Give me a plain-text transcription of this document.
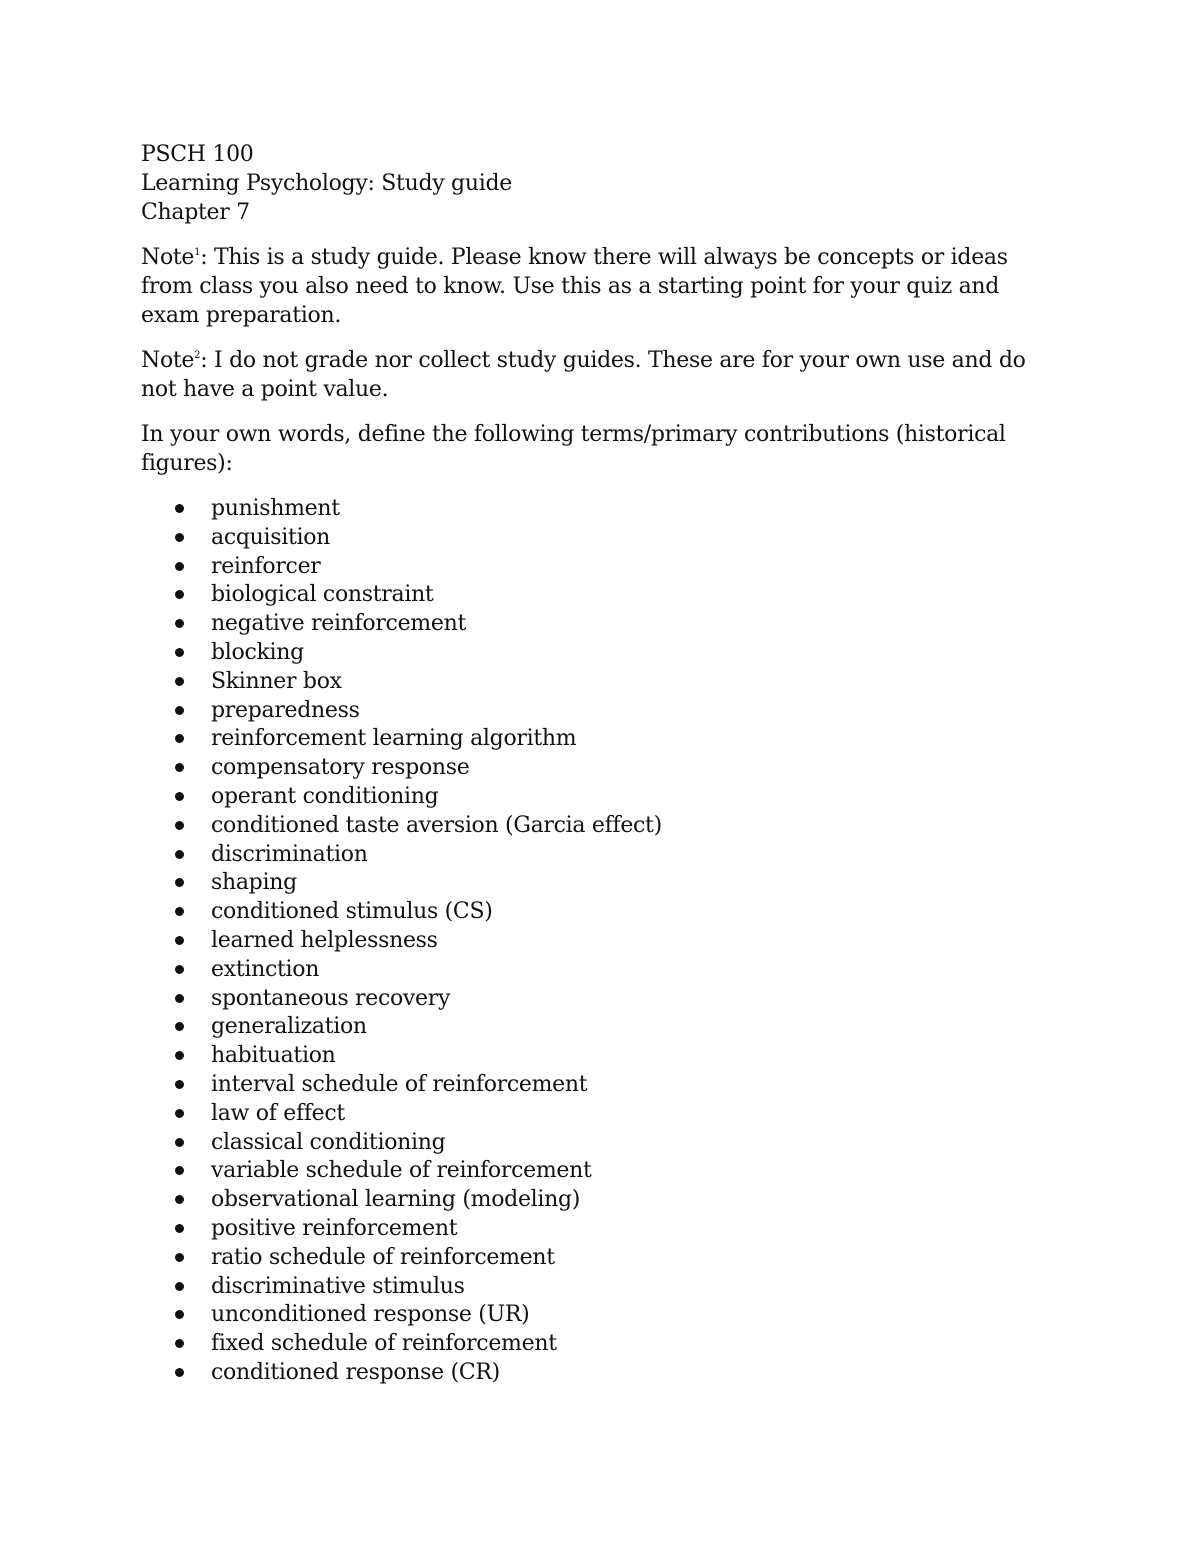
PSCH 100

Learning Psychology: Study guide

Chapter 7

Note$^1$: This is a study guide. Please know there will always be concepts or ideas from class you also need to know. Use this as a starting point for your quiz and exam preparation.

Note$^2$: I do not grade nor collect study guides. These are for your own use and do not have a point value.

In your own words, define the following terms/primary contributions (historical figures):

punishment
acquisition
reinforcer
biological constraint
negative reinforcement
blocking
Skinner box
preparedness
reinforcement learning algorithm
compensatory response
operant conditioning
conditioned taste aversion (Garcia effect)
discrimination
shaping
conditioned stimulus (CS)
learned helplessness
extinction
spontaneous recovery
generalization
habituation
interval schedule of reinforcement
law of effect
classical conditioning
variable schedule of reinforcement
observational learning (modeling)
positive reinforcement
ratio schedule of reinforcement
discriminative stimulus
unconditioned response (UR)
fixed schedule of reinforcement
conditioned response (CR)
